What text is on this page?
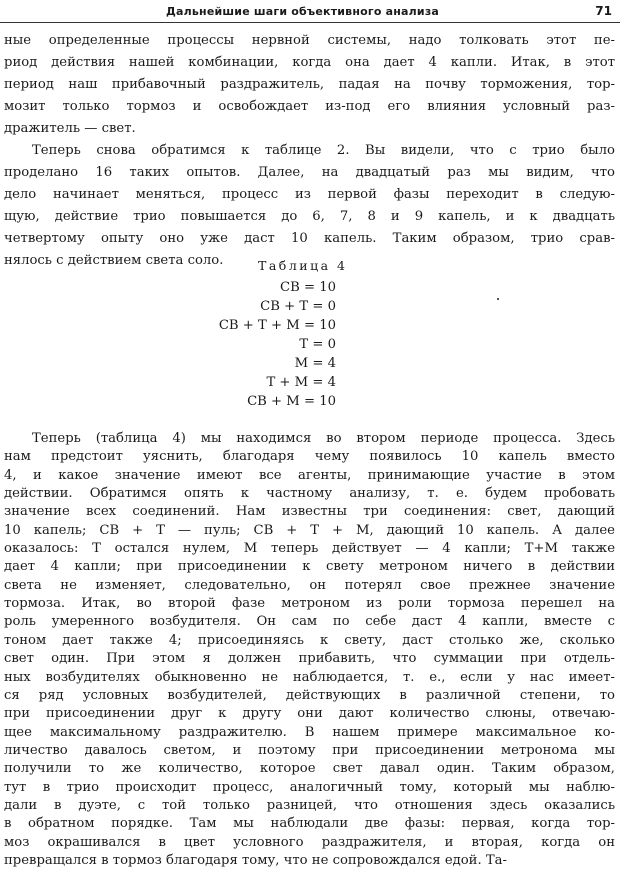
Дальнейшие шаги объективного анализа	71
ные определенные процессы нервной системы, надо толковать этот пе-
риод действия нашей комбинации, когда она дает 4 капли. Итак, в этот
период наш прибавочный раздражитель, падая на почву торможения, тор-
мозит только тормоз и освобождает из-под его влияния условный раз-
дражитель — свет.
Теперь снова обратимся к таблице 2. Вы видели, что с трио было
проделано 16 таких опытов. Далее, на двадцатый раз мы видим, что
дело начинает меняться, процесс из первой фазы переходит в следую-
щую, действие трио повышается до 6, 7, 8 и 9 капель, и к двадцать
четвертому опыту оно уже даст 10 капель. Таким образом, трио срав-
нялось с действием света соло.	Таблица 4
СВ = 10
СВ + Т = 0
СВ + Т + М = 10
Т = 0
М = 4
Т + М = 4
СВ + М = 10
Теперь (таблица 4) мы находимся во втором периоде процесса. Здесь
нам предстоит уяснить, благодаря чему появилось 10 капель вместо
4, и какое значение имеют все агенты, принимающие участие в этом
действии. Обратимся опять к частному анализу, т. е. будем пробовать
значение всех соединений. Нам известны три соединения: свет, дающий
10 капель; СВ + Т — пуль; СВ + Т + М, дающий 10 капель. А далее
оказалось: Т остался нулем, М теперь действует — 4 капли; Т+М также
дает 4 капли; при присоединении к свету метроном ничего в действии
света не изменяет, следовательно, он потерял свое прежнее значение
тормоза. Итак, во второй фазе метроном из роли тормоза перешел на
роль умеренного возбудителя. Он сам по себе даст 4 капли, вместе с
тоном дает также 4; присоединяясь к свету, даст столько же, сколько
свет один. При этом я должен прибавить, что суммации при отдель-
ных возбудителях обыкновенно не наблюдается, т. е., если у нас имеет-
ся ряд условных возбудителей, действующих в различной степени, то
при присоединении друг к другу они дают количество слюны, отвечаю-
щее максимальному раздражителю. В нашем примере максимальное ко-
личество давалось светом, и поэтому при присоединении метронома мы
получили то же количество, которое свет давал один. Таким образом,
тут в трио происходит процесс, аналогичный тому, который мы наблю-
дали в дуэте, с той только разницей, что отношения здесь оказались
в обратном порядке. Там мы наблюдали две фазы: первая, когда тор-
моз окрашивался в цвет условного раздражителя, и вторая, когда он
превращался в тормоз благодаря тому, что не сопровождался едой. Та-
